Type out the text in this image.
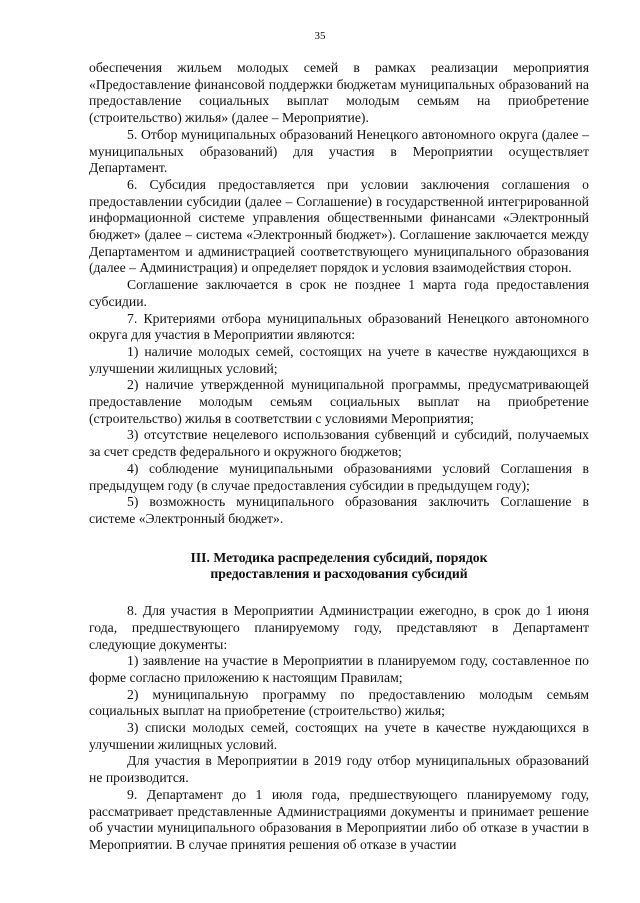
35

обеспечения жильем молодых семей в рамках реализации мероприятия «Предоставление финансовой поддержки бюджетам муниципальных образований на предоставление социальных выплат молодым семьям на приобретение (строительство) жилья» (далее – Мероприятие).

5. Отбор муниципальных образований Ненецкого автономного округа (далее – муниципальных образований) для участия в Мероприятии осуществляет Департамент.

6. Субсидия предоставляется при условии заключения соглашения о предоставлении субсидии (далее – Соглашение) в государственной интегрированной информационной системе управления общественными финансами «Электронный бюджет» (далее – система «Электронный бюджет»). Соглашение заключается между Департаментом и администрацией соответствующего муниципального образования (далее – Администрация) и определяет порядок и условия взаимодействия сторон.

Соглашение заключается в срок не позднее 1 марта года предоставления субсидии.

7. Критериями отбора муниципальных образований Ненецкого автономного округа для участия в Мероприятии являются:

1) наличие молодых семей, состоящих на учете в качестве нуждающихся в улучшении жилищных условий;

2) наличие утвержденной муниципальной программы, предусматривающей предоставление молодым семьям социальных выплат на приобретение (строительство) жилья в соответствии с условиями Мероприятия;

3) отсутствие нецелевого использования субвенций и субсидий, получаемых за счет средств федерального и окружного бюджетов;

4) соблюдение муниципальными образованиями условий Соглашения в предыдущем году (в случае предоставления субсидии в предыдущем году);

5) возможность муниципального образования заключить Соглашение в системе «Электронный бюджет».

III. Методика распределения субсидий, порядок предоставления и расходования субсидий

8. Для участия в Мероприятии Администрации ежегодно, в срок до 1 июня года, предшествующего планируемому году, представляют в Департамент следующие документы:

1) заявление на участие в Мероприятии в планируемом году, составленное по форме согласно приложению к настоящим Правилам;

2) муниципальную программу по предоставлению молодым семьям социальных выплат на приобретение (строительство) жилья;

3) списки молодых семей, состоящих на учете в качестве нуждающихся в улучшении жилищных условий.

Для участия в Мероприятии в 2019 году отбор муниципальных образований не производится.

9. Департамент до 1 июля года, предшествующего планируемому году, рассматривает представленные Администрациями документы и принимает решение об участии муниципального образования в Мероприятии либо об отказе в участии в Мероприятии. В случае принятия решения об отказе в участии
